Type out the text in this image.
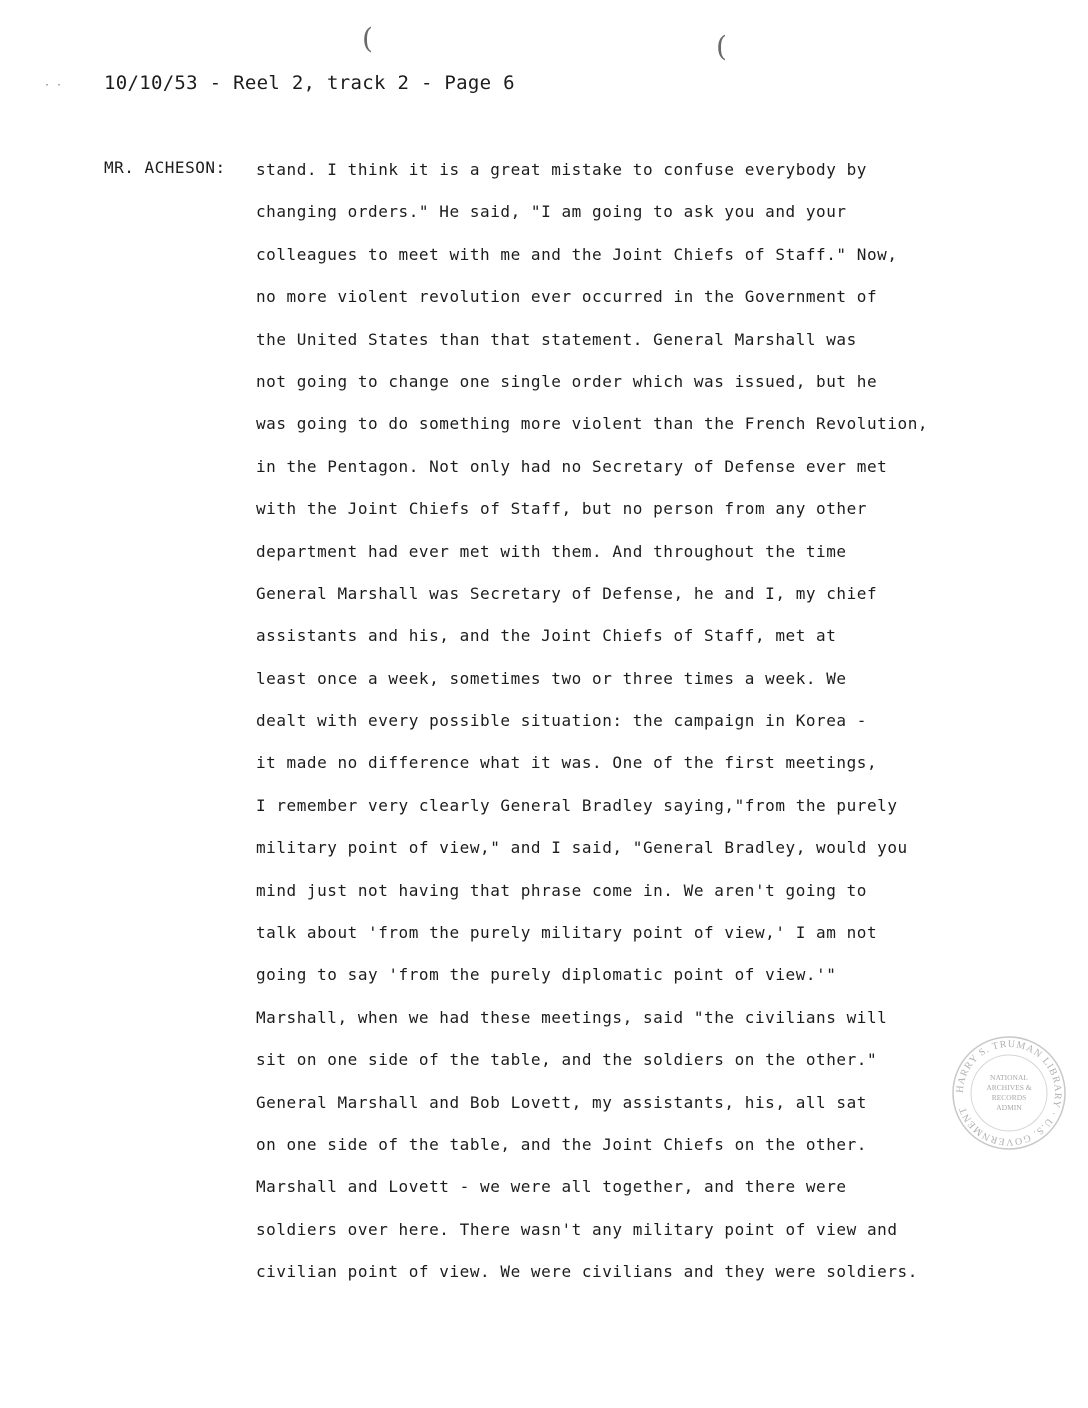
(	(
· · 10/10/53 - Reel 2, track 2 - Page 6
MR. ACHESON: stand. I think it is a great mistake to confuse everybody by
changing orders." He said, "I am going to ask you and your
colleagues to meet with me and the Joint Chiefs of Staff." Now,
no more violent revolution ever occurred in the Government of
the United States than that statement. General Marshall was
not going to change one single order which was issued, but he
was going to do something more violent than the French Revolution,
in the Pentagon. Not only had no Secretary of Defense ever met
with the Joint Chiefs of Staff, but no person from any other
department had ever met with them. And throughout the time
General Marshall was Secretary of Defense, he and I, my chief
assistants and his, and the Joint Chiefs of Staff, met at
least once a week, sometimes two or three times a week. We
dealt with every possible situation: the campaign in Korea -
it made no difference what it was. One of the first meetings,
I remember very clearly General Bradley saying,"from the purely
military point of view," and I said, "General Bradley, would you
mind just not having that phrase come in. We aren't going to
talk about 'from the purely military point of view,' I am not
going to say 'from the purely diplomatic point of view.'"
Marshall, when we had these meetings, said "the civilians will
sit on one side of the table, and the soldiers on the other."
General Marshall and Bob Lovett, my assistants, his, all sat
on one side of the table, and the Joint Chiefs on the other.
Marshall and Lovett - we were all together, and there were
soldiers over here. There wasn't any military point of view and
civilian point of view. We were civilians and they were soldiers.
HARRY S. TRUMAN LIBRARY · U.S. GOVERNMENT
NATIONAL
ARCHIVES &
RECORDS
ADMIN
